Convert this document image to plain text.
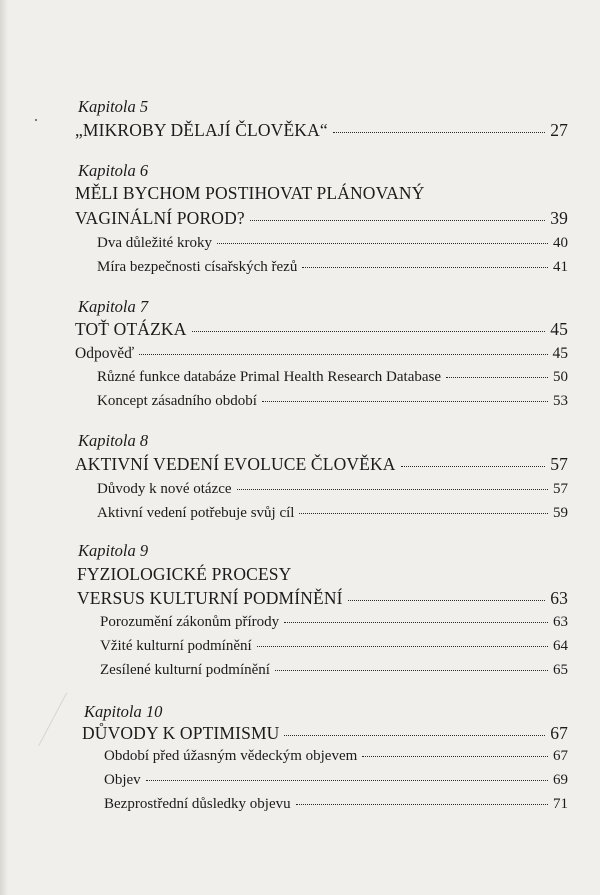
Kapitola 5
„MIKROBY DĚLAJÍ ČLOVĚKA“	27
Kapitola 6
MĚLI BYCHOM POSTIHOVAT PLÁNOVANÝ
VAGINÁLNÍ POROD?	39
Dva důležité kroky	40
Míra bezpečnosti císařských řezů	41
Kapitola 7
TOŤ OTÁZKA	45
Odpověď	45
Různé funkce databáze Primal Health Research Database	50
Koncept zásadního období	53
Kapitola 8
AKTIVNÍ VEDENÍ EVOLUCE ČLOVĚKA	57
Důvody k nové otázce	57
Aktivní vedení potřebuje svůj cíl	59
Kapitola 9
FYZIOLOGICKÉ PROCESY
VERSUS KULTURNÍ PODMÍNĚNÍ	63
Porozumění zákonům přírody	63
Vžité kulturní podmínění	64
Zesílené kulturní podmínění	65
Kapitola 10
DŮVODY K OPTIMISMU	67
Období před úžasným vědeckým objevem	67
Objev	69
Bezprostřední důsledky objevu	71
